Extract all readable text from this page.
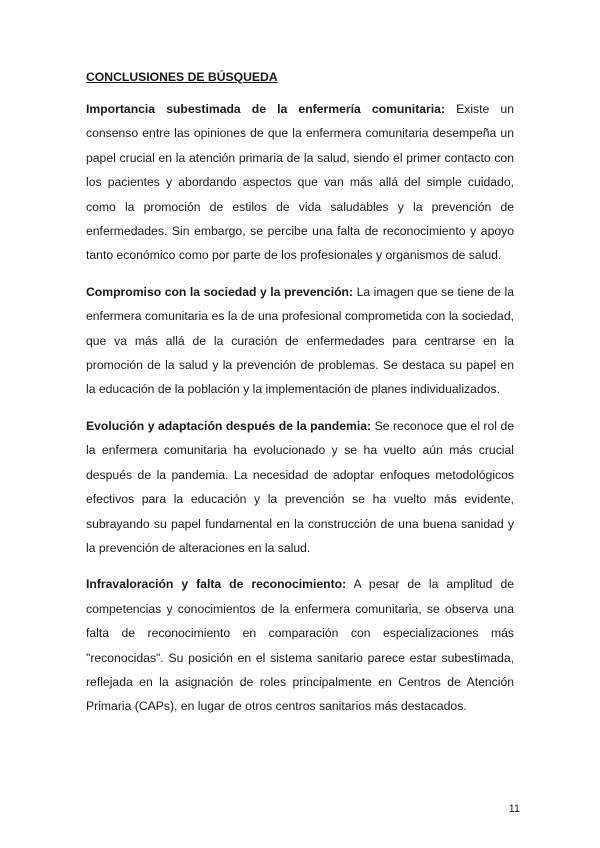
CONCLUSIONES DE BÚSQUEDA

Importancia subestimada de la enfermería comunitaria: Existe un consenso entre las opiniones de que la enfermera comunitaria desempeña un papel crucial en la atención primaria de la salud, siendo el primer contacto con los pacientes y abordando aspectos que van más allá del simple cuidado, como la promoción de estilos de vida saludables y la prevención de enfermedades. Sin embargo, se percibe una falta de reconocimiento y apoyo tanto económico como por parte de los profesionales y organismos de salud.

Compromiso con la sociedad y la prevención: La imagen que se tiene de la enfermera comunitaria es la de una profesional comprometida con la sociedad, que va más allá de la curación de enfermedades para centrarse en la promoción de la salud y la prevención de problemas. Se destaca su papel en la educación de la población y la implementación de planes individualizados.

Evolución y adaptación después de la pandemia: Se reconoce que el rol de la enfermera comunitaria ha evolucionado y se ha vuelto aún más crucial después de la pandemia. La necesidad de adoptar enfoques metodológicos efectivos para la educación y la prevención se ha vuelto más evidente, subrayando su papel fundamental en la construcción de una buena sanidad y la prevención de alteraciones en la salud.

Infravaloración y falta de reconocimiento: A pesar de la amplitud de competencias y conocimientos de la enfermera comunitaria, se observa una falta de reconocimiento en comparación con especializaciones más "reconocidas". Su posición en el sistema sanitario parece estar subestimada, reflejada en la asignación de roles principalmente en Centros de Atención Primaria (CAPs), en lugar de otros centros sanitarios más destacados.

11
